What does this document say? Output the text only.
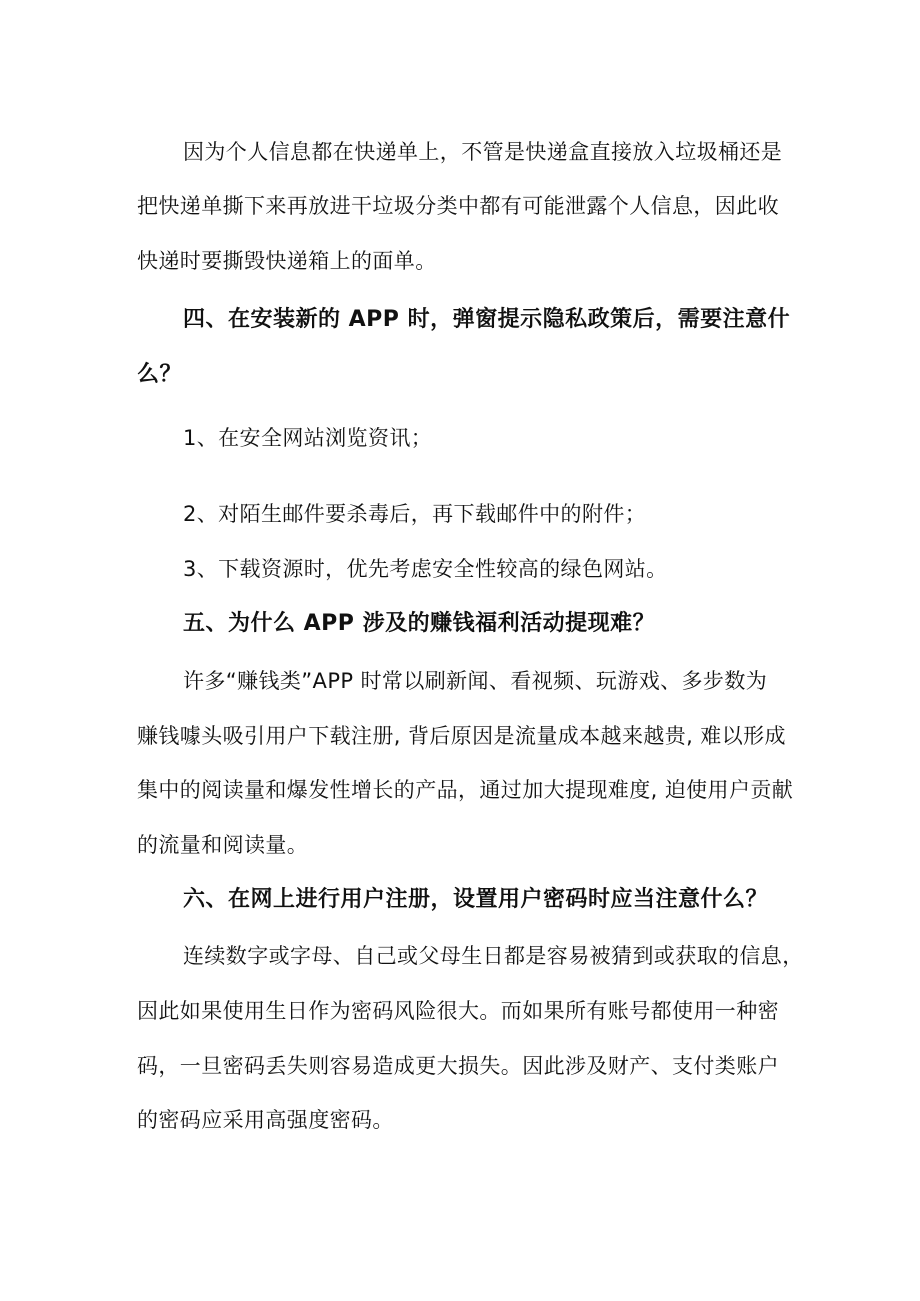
因为个人信息都在快递单上，不管是快递盒直接放入垃圾桶还是

把快递单撕下来再放进干垃圾分类中都有可能泄露个人信息，因此收

快递时要撕毁快递箱上的面单。

四、在安装新的 APP 时，弹窗提示隐私政策后，需要注意什

么？

1、在安全网站浏览资讯；

2、对陌生邮件要杀毒后，再下载邮件中的附件；

3、下载资源时，优先考虑安全性较高的绿色网站。

五、为什么 APP 涉及的赚钱福利活动提现难？

许多“赚钱类”APP 时常以刷新闻、看视频、玩游戏、多步数为

赚钱噱头吸引用户下载注册, 背后原因是流量成本越来越贵, 难以形成

集中的阅读量和爆发性增长的产品，通过加大提现难度, 迫使用户贡献

的流量和阅读量。

六、在网上进行用户注册，设置用户密码时应当注意什么？

连续数字或字母、自己或父母生日都是容易被猜到或获取的信息，

因此如果使用生日作为密码风险很大。而如果所有账号都使用一种密

码，一旦密码丢失则容易造成更大损失。因此涉及财产、支付类账户

的密码应采用高强度密码。
